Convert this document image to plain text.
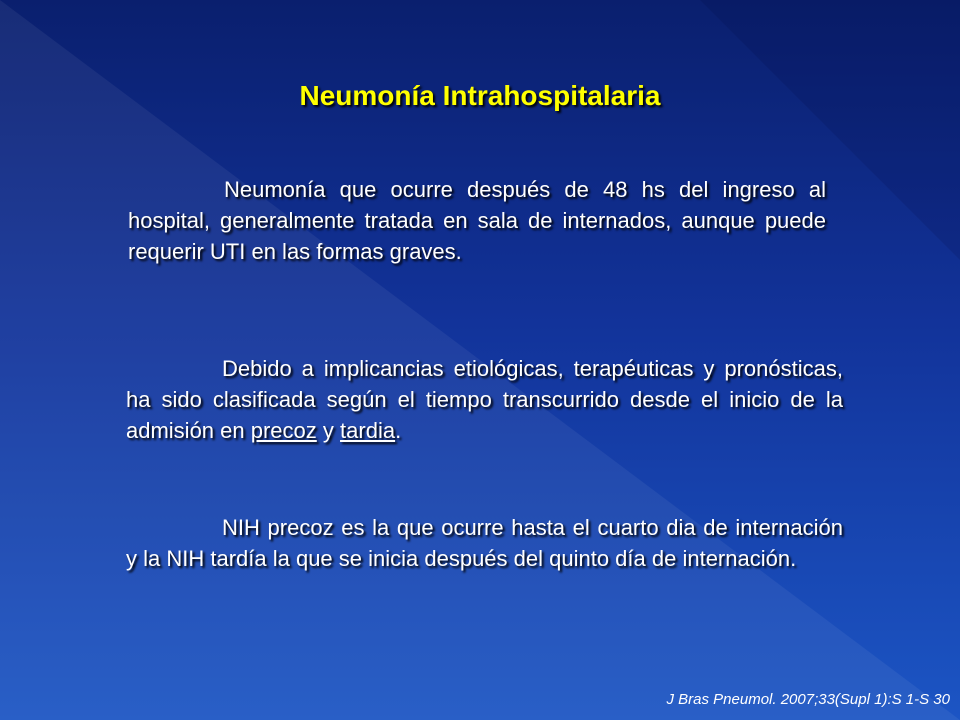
Neumonía Intrahospitalaria

Neumonía que ocurre después de 48 hs del ingreso al hospital, generalmente tratada en sala de internados, aunque puede requerir UTI en las formas graves.

Debido a implicancias etiológicas, terapéuticas y pronósticas, ha sido clasificada según el tiempo transcurrido desde el inicio de la admisión en precoz y tardia.

NIH precoz es la que ocurre hasta el cuarto dia de internación y la NIH tardía la que se inicia después del quinto día de internación.

J Bras Pneumol. 2007;33(Supl 1):S 1-S 30
